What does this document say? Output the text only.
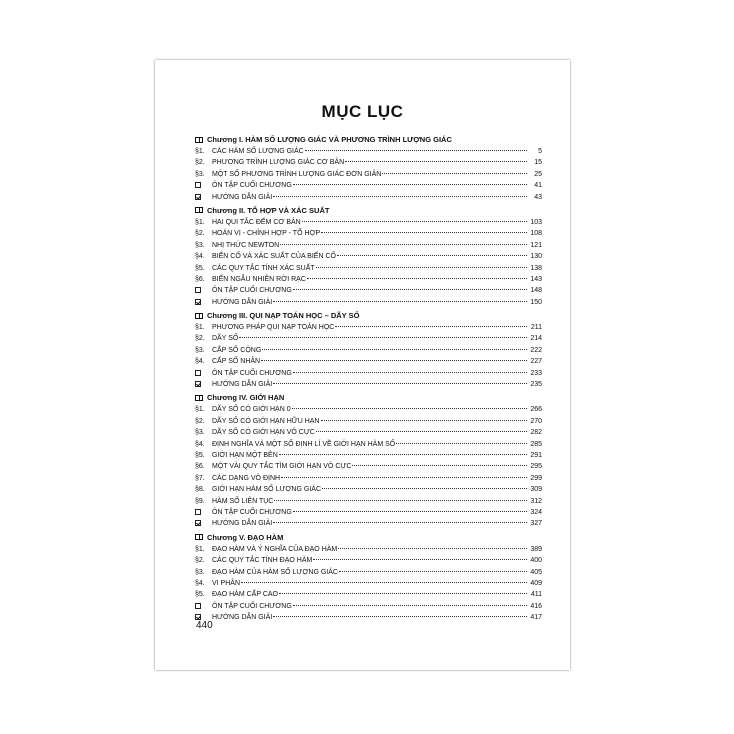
MỤC LỤC
Chương I. HÀM SỐ LƯỢNG GIÁC VÀ PHƯƠNG TRÌNH LƯỢNG GIÁC
§1.	CÁC HÀM SỐ LƯỢNG GIÁC	5
§2.	PHƯƠNG TRÌNH LƯỢNG GIÁC CƠ BẢN	15
§3.	MỘT SỐ PHƯƠNG TRÌNH LƯỢNG GIÁC ĐƠN GIẢN	25
ÔN TẬP CUỐI CHƯƠNG	41
HƯỚNG DẪN GIẢI	43
Chương II. TỔ HỢP VÀ XÁC SUẤT
§1.	HAI QUI TẮC ĐẾM CƠ BẢN	103
§2.	HOÁN VỊ - CHỈNH HỢP - TỔ HỢP	108
§3.	NHỊ THỨC NEWTON	121
§4.	BIẾN CỐ VÀ XÁC SUẤT CỦA BIẾN CỐ	130
§5.	CÁC QUY TẮC TÍNH XÁC SUẤT	138
§6.	BIẾN NGẪU NHIÊN RỜI RẠC	143
ÔN TẬP CUỐI CHƯƠNG	148
HƯỚNG DẪN GIẢI	150
Chương III. QUI NẠP TOÁN HỌC – DÃY SỐ
§1.	PHƯƠNG PHÁP QUI NẠP TOÁN HỌC	211
§2.	DÃY SỐ	214
§3.	CẤP SỐ CỘNG	222
§4.	CẤP SỐ NHÂN	227
ÔN TẬP CUỐI CHƯƠNG	233
HƯỚNG DẪN GIẢI	235
Chương IV. GIỚI HẠN
§1.	DÃY SỐ CÓ GIỚI HẠN 0	266
§2.	DÃY SỐ CÓ GIỚI HẠN HỮU HẠN	270
§3.	DÃY SỐ CÓ GIỚI HẠN VÔ CỰC	282
§4.	ĐỊNH NGHĨA VÀ MỘT SỐ ĐỊNH LÍ VỀ GIỚI HẠN HÀM SỐ	285
§5.	GIỚI HẠN MỘT BÊN	291
§6.	MỘT VÀI QUY TẮC TÌM GIỚI HẠN VÔ CỰC	295
§7.	CÁC DẠNG VÔ ĐỊNH	299
§8.	GIỚI HẠN HÀM SỐ LƯỢNG GIÁC	309
§9.	HÀM SỐ LIÊN TỤC	312
ÔN TẬP CUỐI CHƯƠNG	324
HƯỚNG DẪN GIẢI	327
Chương V. ĐẠO HÀM
§1.	ĐẠO HÀM VÀ Ý NGHĨA CỦA ĐẠO HÀM	389
§2.	CÁC QUY TẮC TÍNH ĐẠO HÀM	400
§3.	ĐẠO HÀM CỦA HÀM SỐ LƯỢNG GIÁC	405
§4.	VI PHÂN	409
§5.	ĐẠO HÀM CẤP CAO	411
ÔN TẬP CUỐI CHƯƠNG	416
HƯỚNG DẪN GIẢI	417
440
